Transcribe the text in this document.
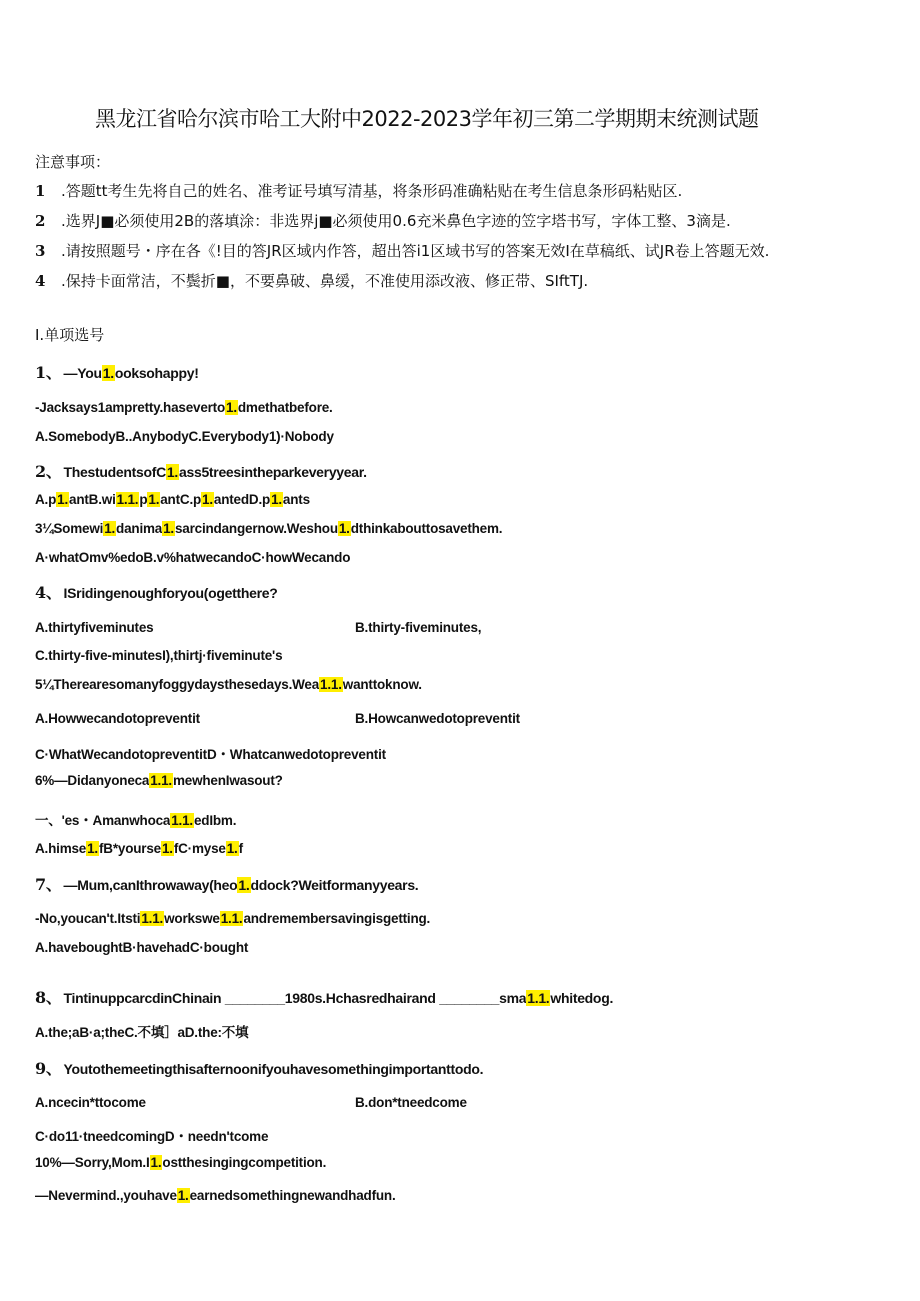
黑龙江省哈尔滨市哈工大附中2022-2023学年初三第二学期期末统测试题
注意事项：
1 .答题tt考生先将自己的姓名、准考证号填写清基，将条形码准确粘贴在考生信息条形码粘贴区.
2 .选界J■必须使用2B的落填涂：非选界j■必须使用0.6充米鼻色字迹的笠字塔书写，字体工整、3滴是.
3 .请按照题号・序在各《!目的答JR区域内作答，超出答i1区域书写的答案无效I在草稿纸、试JR卷上答题无效.
4 .保持卡面常洁，不鬓折■，不要鼻破、鼻缓，不准使用添改液、修正带、SIftTJ.
I.单项选号
1、 —You1.ooksohappy!
-Jacksays1ampretty.haseverto1.dmethatbefore.
A.SomebodyB..AnybodyC.Everybody1)·Nobody
2、 ThestudentsofC1.ass5treesintheparkeveryyear.
A.p1.antB.wi1.1.p1.antC.p1.antedD.p1.ants
3¼Somewi1.danima1.sarcindangernow.Weshou1.dthinkabouttosavethem.
A·whatOmv%edoB.v%hatwecandoC·howWecando
4、 ISridingenoughforyou(ogetthere?
A.thirtyfiveminutes	B.thirty-fiveminutes,
C.thirty-five-minutesI),thirtj·fiveminute's
5¼Therearesomanyfoggydaysthesedays.Wea1.1.wanttoknow.
A.Howwecandotopreventit	B.Howcanwedotopreventit
C·WhatWecandotopreventitD・Whatcanwedotopreventit
6%—Didanyoneca1.1.mewhenIwasout?
一、'es・Amanwhoca1.1.edIbm.
A.himse1.fB*yourse1.fC·myse1.f
7、 —Mum,canIthrowaway(heo1.ddock?Weitformanyyears.
-No,youcan't.Itsti1.1.workswe1.1.andremembersavingisgetting.
A.haveboughtB·havehadC·bought
8、 TintinuppcarcdinChinain ________1980s.Hchasredhairand ________sma1.1.whitedog.
A.the;aB·a;theC.不填］aD.the:不填
9、 Youtothemeetingthisafternoonifyouhavesomethingimportanttodo.
A.ncecin*ttocome	B.don*tneedcome
C·do11·tneedcomingD・needn'tcome
10%—Sorry,Mom.I1.ostthesingingcompetition.
—Nevermind.,youhave1.earnedsomethingnewandhadfun.
